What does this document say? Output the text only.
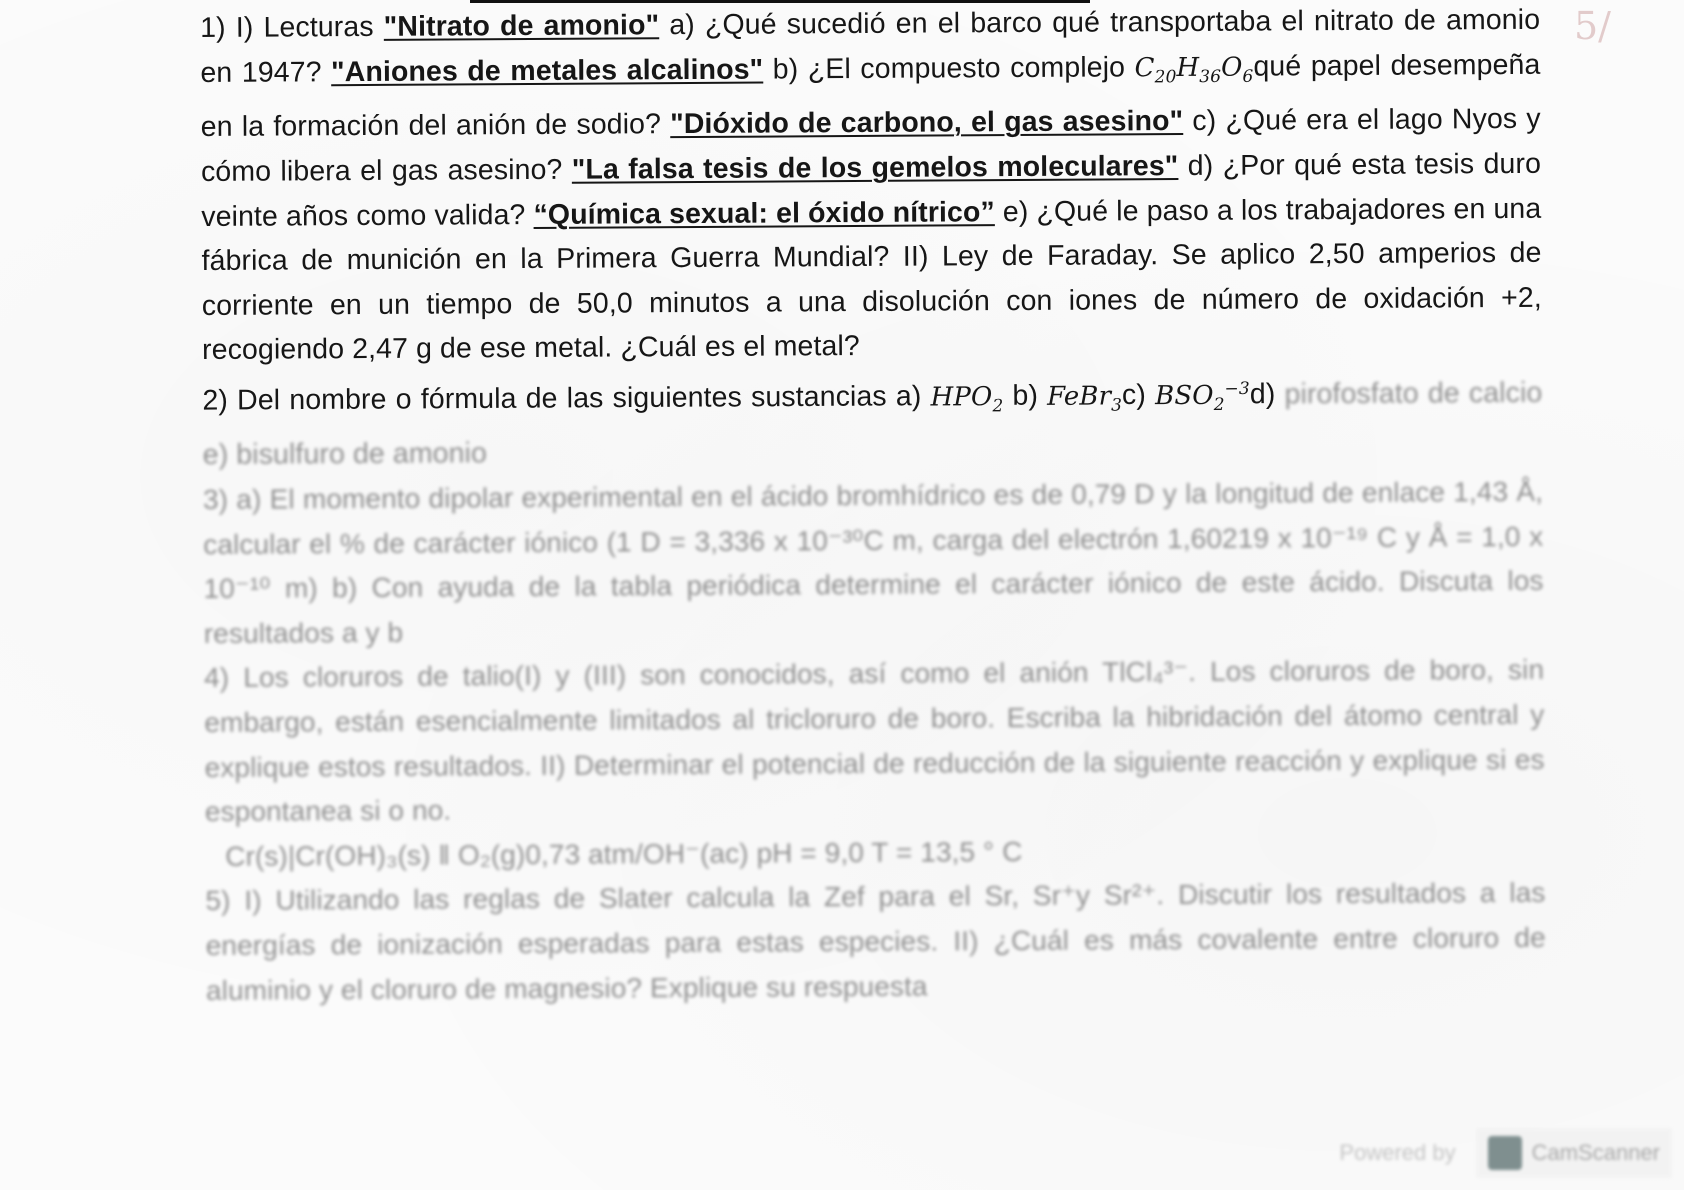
5/
1) I) Lecturas "Nitrato de amonio" a) ¿Qué sucedió en el barco qué transportaba el nitrato de amonio en 1947? "Aniones de metales alcalinos" b) ¿El compuesto complejo $C_{20}H_{36}O_6qué$ papel desempeña en la formación del anión de sodio? "Dióxido de carbono, el gas asesino" c) ¿Qué era el lago Nyos y cómo libera el gas asesino? "La falsa tesis de los gemelos moleculares" d) ¿Por qué esta tesis duro veinte años como valida? “Química sexual: el óxido nítrico” e) ¿Qué le paso a los trabajadores en una fábrica de munición en la Primera Guerra Mundial? II) Ley de Faraday. Se aplico 2,50 amperios de corriente en un tiempo de 50,0 minutos a una disolución con iones de número de oxidación +2, recogiendo 2,47 g de ese metal. ¿Cuál es el metal?
2) Del nombre o fórmula de las siguientes sustancias a) $HPO_2$ b) FeBr$_3$c) $BSO_2^{-3}d$) pirofosfato de calcio e) bisulfuro de amonio
3) a) El momento dipolar experimental en el ácido bromhídrico es de 0,79 D y la longitud de enlace 1,43 Å, calcular el % de carácter iónico (1 D = 3,336 x 10⁻³⁰C m, carga del electrón 1,60219 x 10⁻¹⁹ C y Å = 1,0 x 10⁻¹⁰ m) b) Con ayuda de la tabla periódica determine el carácter iónico de este ácido. Discuta los resultados a y b
4) Los cloruros de talio(I) y (III) son conocidos, así como el anión TlCl₄³⁻. Los cloruros de boro, sin embargo, están esencialmente limitados al tricloruro de boro. Escriba la hibridación del átomo central y explique estos resultados. II) Determinar el potencial de reducción de la siguiente reacción y explique si es espontanea si o no.
Cr(s)|Cr(OH)₃(s) ‖ O₂(g)0,73 atm/OH⁻(ac) pH = 9,0 T = 13,5 ° C
5) I) Utilizando las reglas de Slater calcula la Zef para el Sr, Sr⁺y Sr²⁺. Discutir los resultados a las energías de ionización esperadas para estas especies. II) ¿Cuál es más covalente entre cloruro de aluminio y el cloruro de magnesio? Explique su respuesta
Powered by	CamScanner
